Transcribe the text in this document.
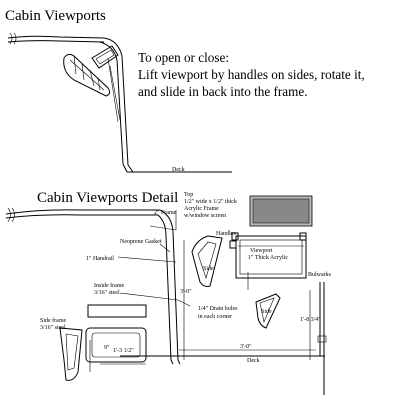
Cabin Viewports
Deck
To open or close:
Lift viewport by handles on sides, rotate it,
and slide in back into the frame.
Cabin Viewports Detail Top
1/2" wide x 1/2" thick
Acrylic Frame
w/window screen
2" Frame
Neoprene Gasket
1" Handrail
Handles
Viewport
1" Thick Acrylic
Side
Side
Bulwarks
Inside frame
3/16" steel
Side frame
3/16" steel
1/4" Drain holes
in each corner
3'-0"
3'-0"
1'-8 3/4"
9" 1'-3 1/2"
Deck
